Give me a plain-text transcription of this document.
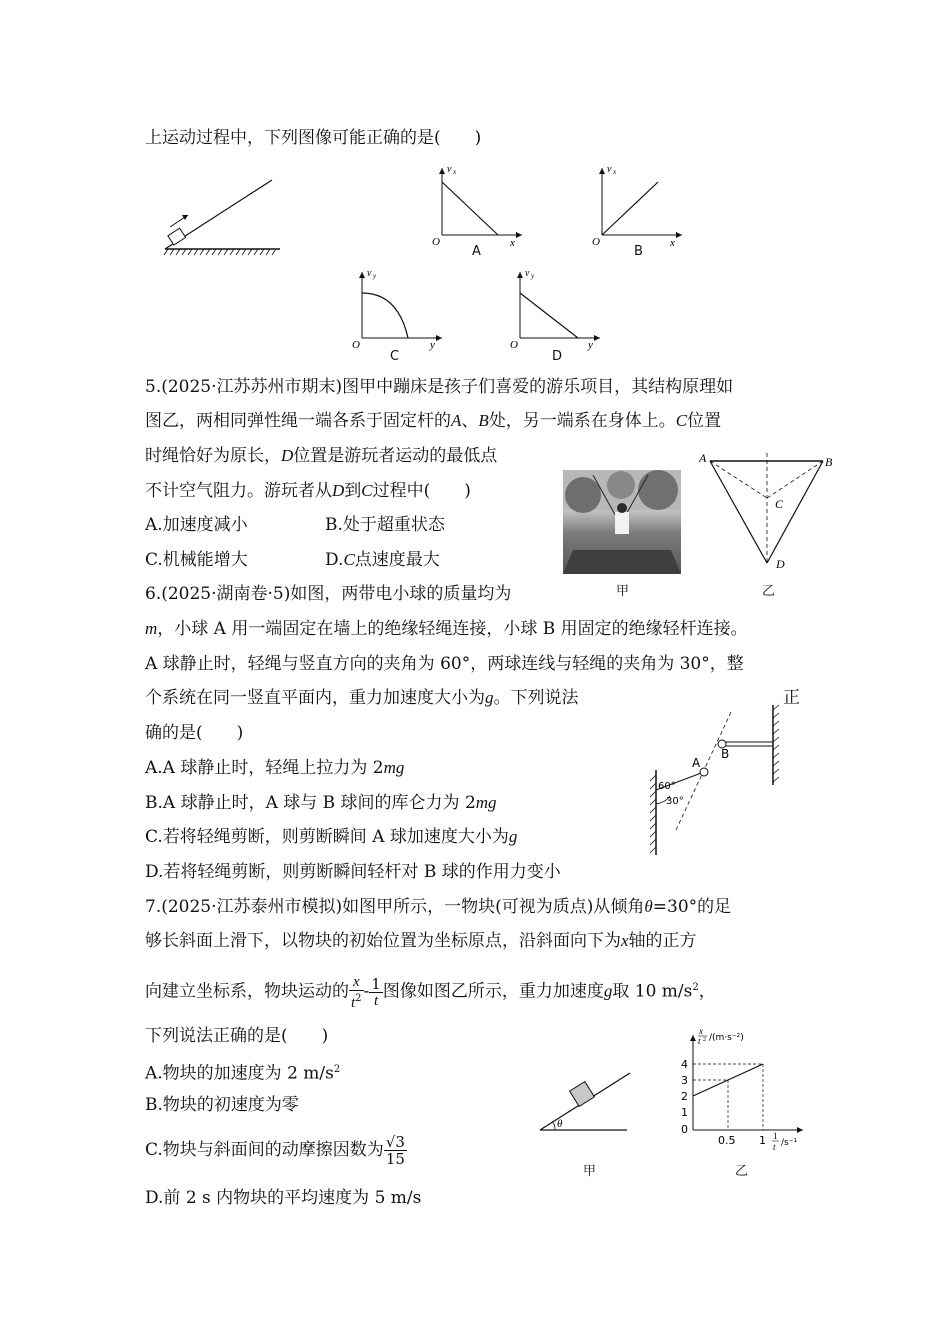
上运动过程中，下列图像可能正确的是(　　)
v x
O	x
A
v x
O	x
B
v y
O	y
C
v y
O	y
D
5.(2025·江苏苏州市期末)图甲中蹦床是孩子们喜爱的游乐项目，其结构原理如
图乙，两相同弹性绳一端各系于固定杆的A、B处，另一端系在身体上。C位置
时绳恰好为原长，D位置是游玩者运动的最低点
不计空气阻力。游玩者从D到C过程中(　　)
A.加速度减小	B.处于超重状态
C.机械能增大	D.C点速度最大
甲
A	B
C
D
乙
6.(2025·湖南卷·5)如图，两带电小球的质量均为
m，小球 A 用一端固定在墙上的绝缘轻绳连接，小球 B 用固定的绝缘轻杆连接。
A 球静止时，轻绳与竖直方向的夹角为 60°，两球连线与轻绳的夹角为 30°，整
个系统在同一竖直平面内，重力加速度大小为g。下列说法	正
确的是(　　)
A.A 球静止时，轻绳上拉力为 2mg
B.A 球静止时，A 球与 B 球间的库仑力为 2mg
C.若将轻绳剪断，则剪断瞬间 A 球加速度大小为g
D.若将轻绳剪断，则剪断瞬间轻杆对 B 球的作用力变小
A
B
60°
30°
7.(2025·江苏泰州市模拟)如图甲所示，一物块(可视为质点)从倾角θ=30°的足
够长斜面上滑下，以物块的初始位置为坐标原点，沿斜面向下为x轴的正方
向建立坐标系，物块运动的 $\frac{x}{t^2} - \frac{1}{t}$ 图像如图乙所示，重力加速度g取 10 $m/s^2$，
下列说法正确的是(　　)
A.物块的加速度为 2 $m/s^2$
B.物块的初速度为零
C.物块与斜面间的动摩擦因数为 $\frac{√3}{15}$
D.前 2 s 内物块的平均速度为 5 m/s
θ
甲
x
t 2 /(m·s⁻²)
4
3
2
1
0
0.5 1 1
t /s⁻¹
乙
